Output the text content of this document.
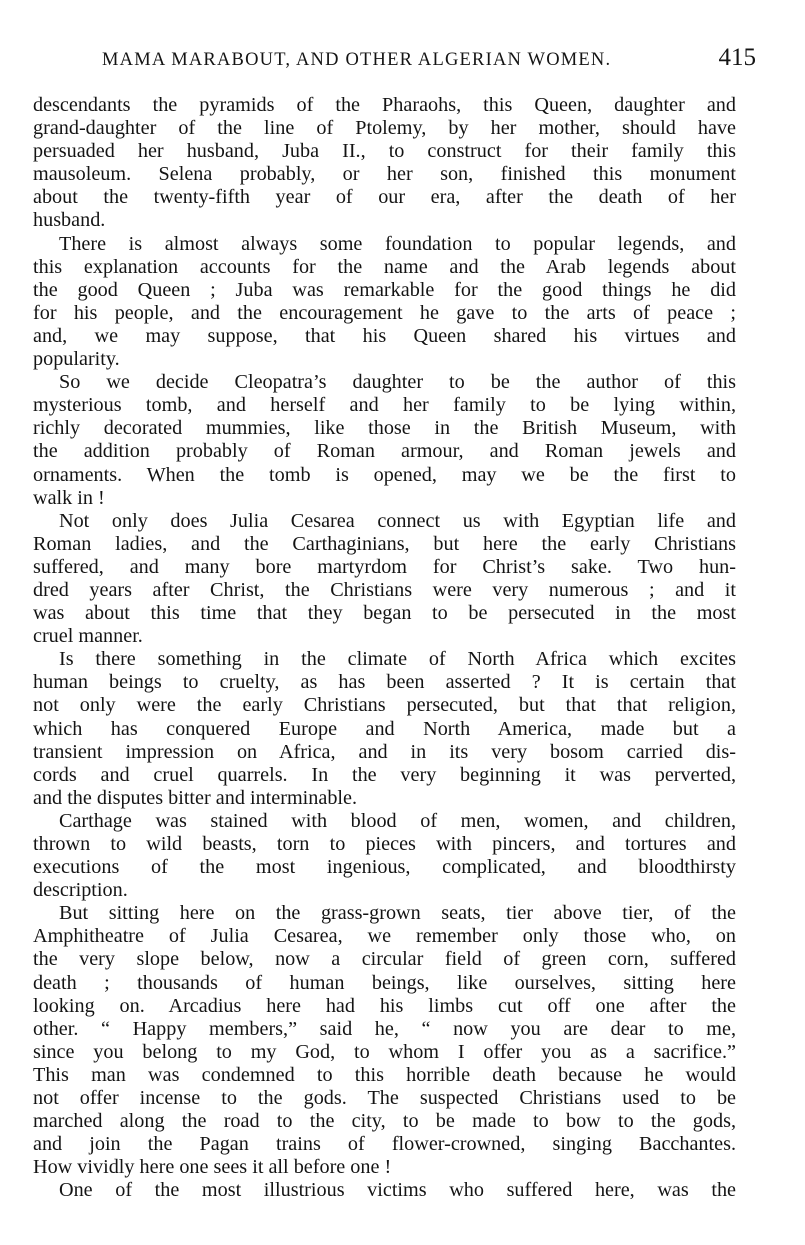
MAMA MARABOUT, AND OTHER ALGERIAN WOMEN.	415
descendants the pyramids of the Pharaohs, this Queen, daughter and
grand-daughter of the line of Ptolemy, by her mother, should have
persuaded her husband, Juba II., to construct for their family this
mausoleum. Selena probably, or her son, finished this monument
about the twenty-fifth year of our era, after the death of her
husband.
There is almost always some foundation to popular legends, and
this explanation accounts for the name and the Arab legends about
the good Queen ; Juba was remarkable for the good things he did
for his people, and the encouragement he gave to the arts of peace ;
and, we may suppose, that his Queen shared his virtues and
popularity.
So we decide Cleopatra’s daughter to be the author of this
mysterious tomb, and herself and her family to be lying within,
richly decorated mummies, like those in the British Museum, with
the addition probably of Roman armour, and Roman jewels and
ornaments. When the tomb is opened, may we be the first to
walk in !
Not only does Julia Cesarea connect us with Egyptian life and
Roman ladies, and the Carthaginians, but here the early Christians
suffered, and many bore martyrdom for Christ’s sake. Two hun-
dred years after Christ, the Christians were very numerous ; and it
was about this time that they began to be persecuted in the most
cruel manner.
Is there something in the climate of North Africa which excites
human beings to cruelty, as has been asserted ? It is certain that
not only were the early Christians persecuted, but that that religion,
which has conquered Europe and North America, made but a
transient impression on Africa, and in its very bosom carried dis-
cords and cruel quarrels. In the very beginning it was perverted,
and the disputes bitter and interminable.
Carthage was stained with blood of men, women, and children,
thrown to wild beasts, torn to pieces with pincers, and tortures and
executions of the most ingenious, complicated, and bloodthirsty
description.
But sitting here on the grass-grown seats, tier above tier, of the
Amphitheatre of Julia Cesarea, we remember only those who, on
the very slope below, now a circular field of green corn, suffered
death ; thousands of human beings, like ourselves, sitting here
looking on. Arcadius here had his limbs cut off one after the
other. “ Happy members,” said he, “ now you are dear to me,
since you belong to my God, to whom I offer you as a sacrifice.”
This man was condemned to this horrible death because he would
not offer incense to the gods. The suspected Christians used to be
marched along the road to the city, to be made to bow to the gods,
and join the Pagan trains of flower-crowned, singing Bacchantes.
How vividly here one sees it all before one !
One of the most illustrious victims who suffered here, was the
